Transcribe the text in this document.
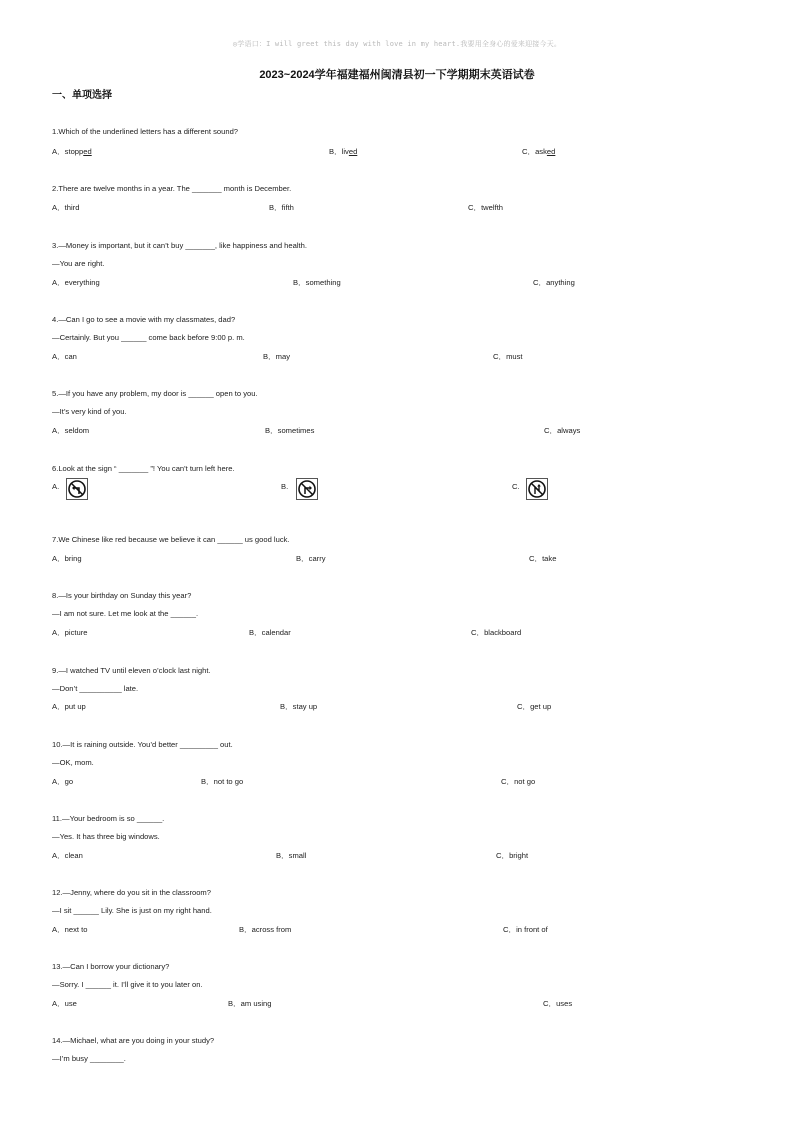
◎学语口：I will greet this day with love in my heart.我要用全身心的爱来迎接今天。
2023~2024学年福建福州闽清县初一下学期期末英语试卷
一、单项选择
1.Which of the underlined letters has a different sound?
A．stopped	B．lived	C．asked
2.There are twelve months in a year. The _______ month is December.
A．third	B．fifth	C．twelfth
3.—Money is important, but it can’t buy _______, like happiness and health.
—You are right.
A．everything	B．something	C．anything
4.—Can I go to see a movie with my classmates, dad?
—Certainly. But you ______ come back before 9:00 p. m.
A．can	B．may	C．must
5.—If you have any problem, my door is ______ open to you.
—It’s very kind of you.
A．seldom	B．sometimes	C．always
6.Look at the sign “ _______ ”! You can't turn left here.
A.	B.	C.
7.We Chinese like red because we believe it can ______ us good luck.
A．bring	B．carry	C．take
8.—Is your birthday on Sunday this year?
—I am not sure. Let me look at the ______.
A．picture	B．calendar	C．blackboard
9.—I watched TV until eleven o’clock last night.
—Don’t __________ late.
A．put up	B．stay up	C．get up
10.—It is raining outside. You’d better _________ out.
—OK, mom.
A．go	B．not to go	C．not go
11.—Your bedroom is so ______.
—Yes. It has three big windows.
A．clean	B．small	C．bright
12.—Jenny, where do you sit in the classroom?
—I sit ______ Lily. She is just on my right hand.
A．next to	B．across from	C．in front of
13.—Can I borrow your dictionary?
—Sorry. I ______ it. I’ll give it to you later on.
A．use	B．am using	C．uses
14.—Michael, what are you doing in your study?
—I’m busy ________.
